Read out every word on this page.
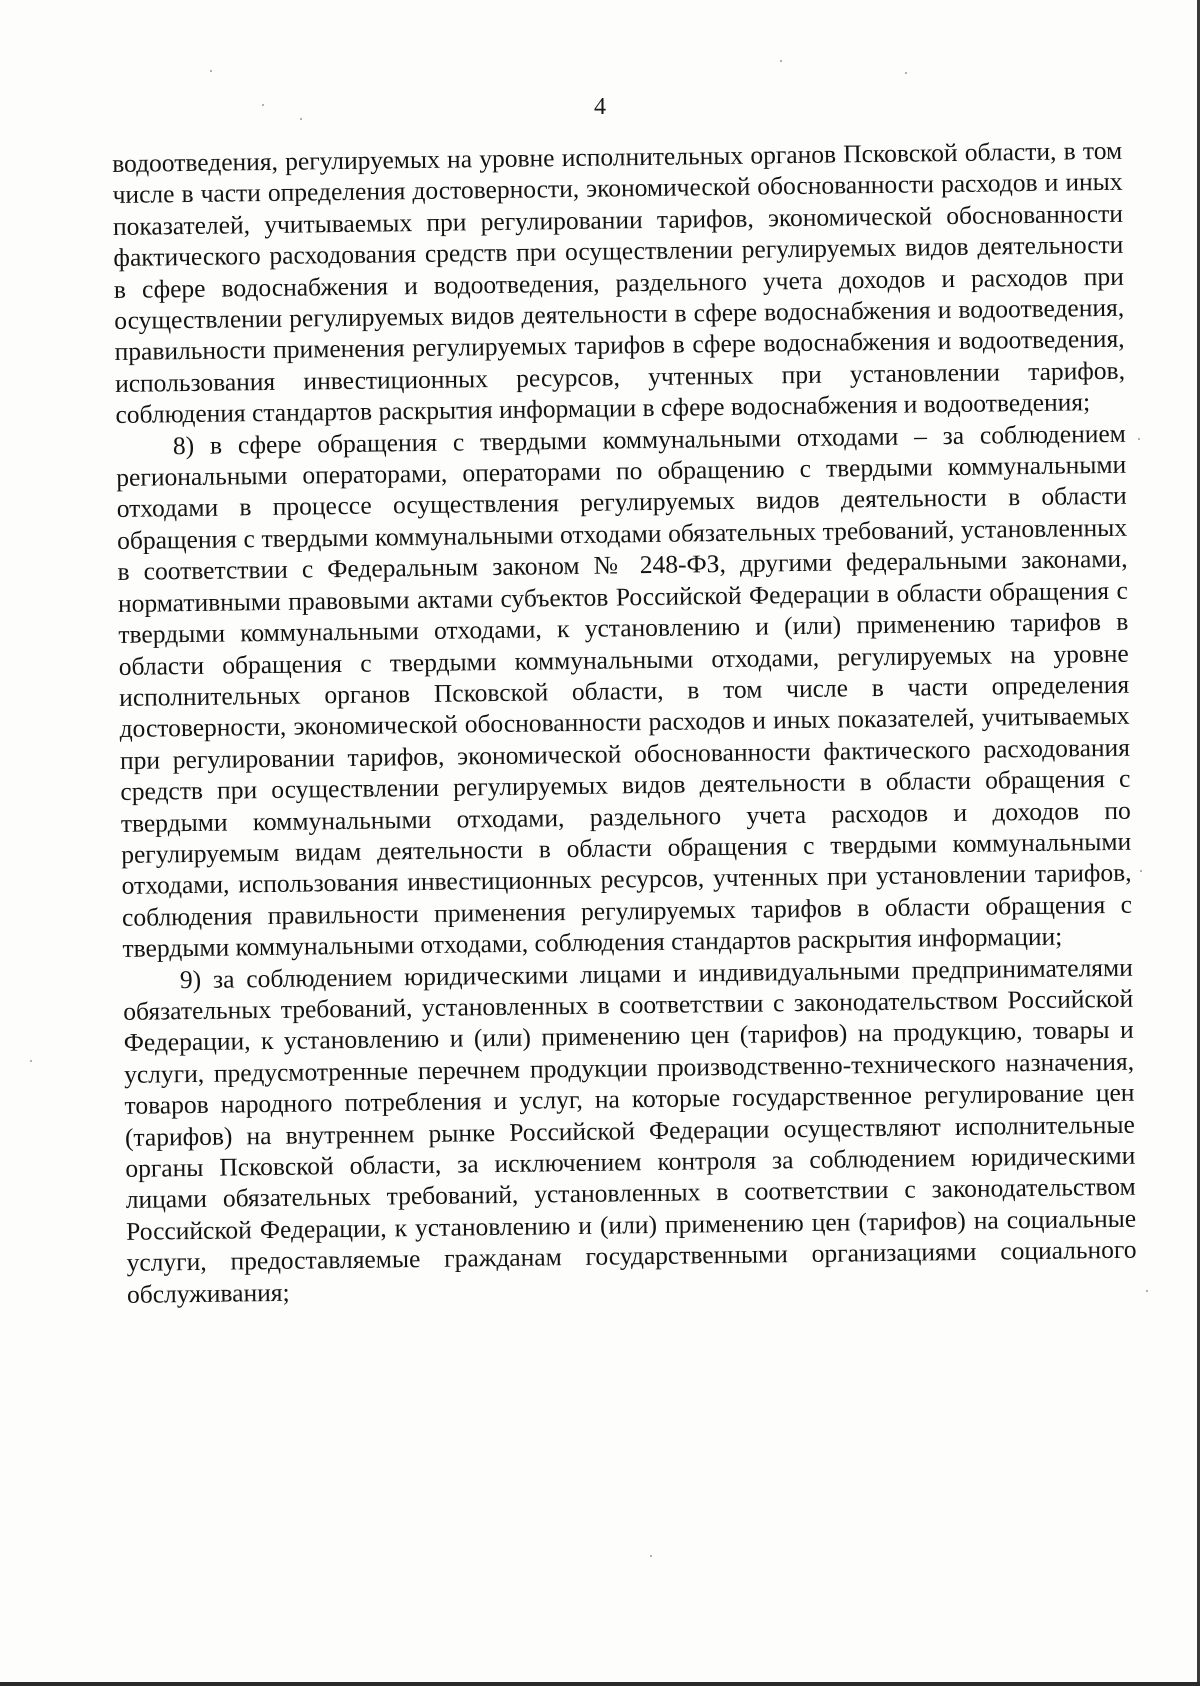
4

водоотведения, регулируемых на уровне исполнительных органов Псковской области, в том числе в части определения достоверности, экономической обоснованности расходов и иных показателей, учитываемых при регулировании тарифов, экономической обоснованности фактического расходования средств при осуществлении регулируемых видов деятельности в сфере водоснабжения и водоотведения, раздельного учета доходов и расходов при осуществлении регулируемых видов деятельности в сфере водоснабжения и водоотведения, правильности применения регулируемых тарифов в сфере водоснабжения и водоотведения, использования инвестиционных ресурсов, учтенных при установлении тарифов, соблюдения стандартов раскрытия информации в сфере водоснабжения и водоотведения;

8) в сфере обращения с твердыми коммунальными отходами – за соблюдением региональными операторами, операторами по обращению с твердыми коммунальными отходами в процессе осуществления регулируемых видов деятельности в области обращения с твердыми коммунальными отходами обязательных требований, установленных в соответствии с Федеральным законом № 248-ФЗ, другими федеральными законами, нормативными правовыми актами субъектов Российской Федерации в области обращения с твердыми коммунальными отходами, к установлению и (или) применению тарифов в области обращения с твердыми коммунальными отходами, регулируемых на уровне исполнительных органов Псковской области, в том числе в части определения достоверности, экономической обоснованности расходов и иных показателей, учитываемых при регулировании тарифов, экономической обоснованности фактического расходования средств при осуществлении регулируемых видов деятельности в области обращения с твердыми коммунальными отходами, раздельного учета расходов и доходов по регулируемым видам деятельности в области обращения с твердыми коммунальными отходами, использования инвестиционных ресурсов, учтенных при установлении тарифов, соблюдения правильности применения регулируемых тарифов в области обращения с твердыми коммунальными отходами, соблюдения стандартов раскрытия информации;

9) за соблюдением юридическими лицами и индивидуальными предпринимателями обязательных требований, установленных в соответствии с законодательством Российской Федерации, к установлению и (или) применению цен (тарифов) на продукцию, товары и услуги, предусмотренные перечнем продукции производственно-технического назначения, товаров народного потребления и услуг, на которые государственное регулирование цен (тарифов) на внутреннем рынке Российской Федерации осуществляют исполнительные органы Псковской области, за исключением контроля за соблюдением юридическими лицами обязательных требований, установленных в соответствии с законодательством Российской Федерации, к установлению и (или) применению цен (тарифов) на социальные услуги, предоставляемые гражданам государственными организациями социального обслуживания;
